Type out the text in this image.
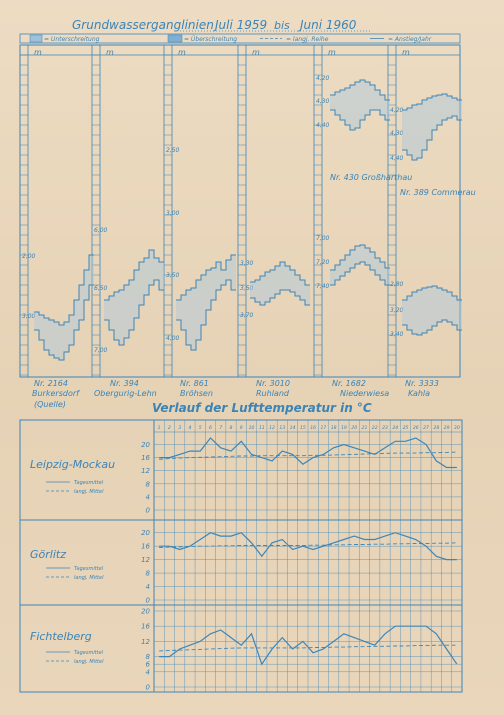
Grundwasserganglinien Juli 1959 bis Juni 1960
= Unterschreitung	= Überschreitung	= langj. Reihe	= Anstieg/Jahr
m	m	m	m	m	m
2,00
3,00
6,00
6,50
7,00
2,50
3,00
3,50
4,00
3,30
3,50
3,70
4,20
4,30
4,40
7,00
7,20
7,40
4,20
4,30
4,40
2,80
3,20
3,40
Nr. 2164
Burkersdorf
(Quelle)
Nr. 394
Obergurig-Lehn
Nr. 861
Bröhsen
Nr. 3010
Ruhland
Nr. 1682
Niederwiesa
Nr. 3333
Kahla
Nr. 430 Großharthau
Nr. 389 Commerau
Verlauf der Lufttemperatur in °C
1 2 3 4 5 6 7 8 9 10 11 12 13 14 15 16 17 18 19 20 21 22 23 24 25 26 27 28 29 30
0
4
8
12
16
20
Leipzig-Mockau
Tagesmittel
langj. Mittel
0
4
8
12
16
20
Görlitz
Tagesmittel
langj. Mittel
0
4
6
8
12
16
20
Fichtelberg
Tagesmittel
langj. Mittel
